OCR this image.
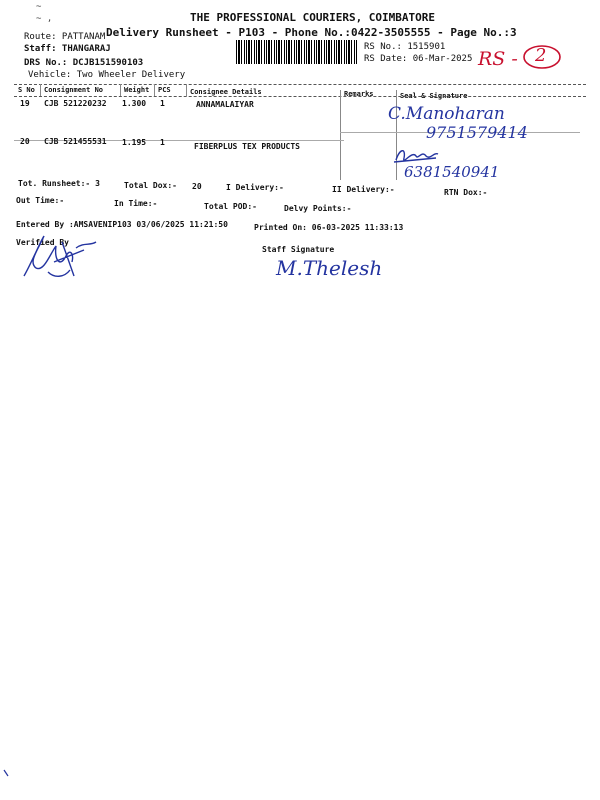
~
~ ,	THE PROFESSIONAL COURIERS, COIMBATORE
Delivery Runsheet - P103 - Phone No.:0422-3505555 - Page No.:3
Route: PATTANAM
Staff: THANGARAJ
DRS No.: DCJB151590103
Vehicle: Two Wheeler Delivery
RS No.: 1515901
RS Date: 06-Mar-2025 RS - 2
S No Consignment No	Weight PCS	Consignee Details	Remarks	Seal & Signature
19 CJB 521220232 1.300 1	ANNAMALAIYAR
20 CJB 521455531 1.195 1	FIBERPLUS TEX PRODUCTS
C.Manoharan
9751579414
6381540941
Tot. Runsheet:- 3	Total Dox:- 20	I Delivery:-	II Delivery:-	RTN Dox:-
Out Time:-	In Time:-	Total POD:-	Delvy Points:-
Entered By :AMSAVENIP103 03/06/2025 11:21:50	Printed On: 06-03-2025 11:33:13
Verified By
Staff Signature
M.Thelesh
